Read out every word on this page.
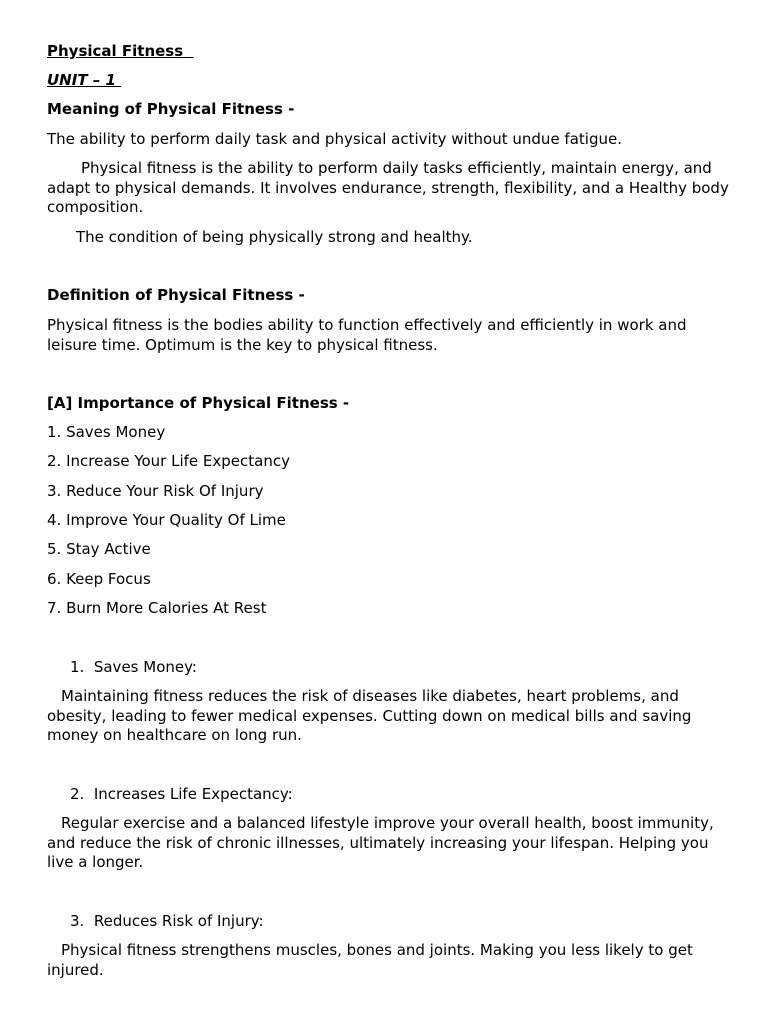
Physical Fitness
UNIT – 1
Meaning of Physical Fitness -
The ability to perform daily task and physical activity without undue fatigue.
Physical fitness is the ability to perform daily tasks efficiently, maintain energy, and adapt to physical demands. It involves endurance, strength, flexibility, and a Healthy body composition.
The condition of being physically strong and healthy.
Definition of Physical Fitness -
Physical fitness is the bodies ability to function effectively and efficiently in work and leisure time. Optimum is the key to physical fitness.
[A] Importance of Physical Fitness -
1. Saves Money
2. Increase Your Life Expectancy
3. Reduce Your Risk Of Injury
4. Improve Your Quality Of Lime
5. Stay Active
6. Keep Focus
7. Burn More Calories At Rest
1.  Saves Money:
Maintaining fitness reduces the risk of diseases like diabetes, heart problems, and obesity, leading to fewer medical expenses. Cutting down on medical bills and saving money on healthcare on long run.
2.  Increases Life Expectancy:
Regular exercise and a balanced lifestyle improve your overall health, boost immunity, and reduce the risk of chronic illnesses, ultimately increasing your lifespan. Helping you live a longer.
3.  Reduces Risk of Injury:
Physical fitness strengthens muscles, bones and joints. Making you less likely to get injured.
